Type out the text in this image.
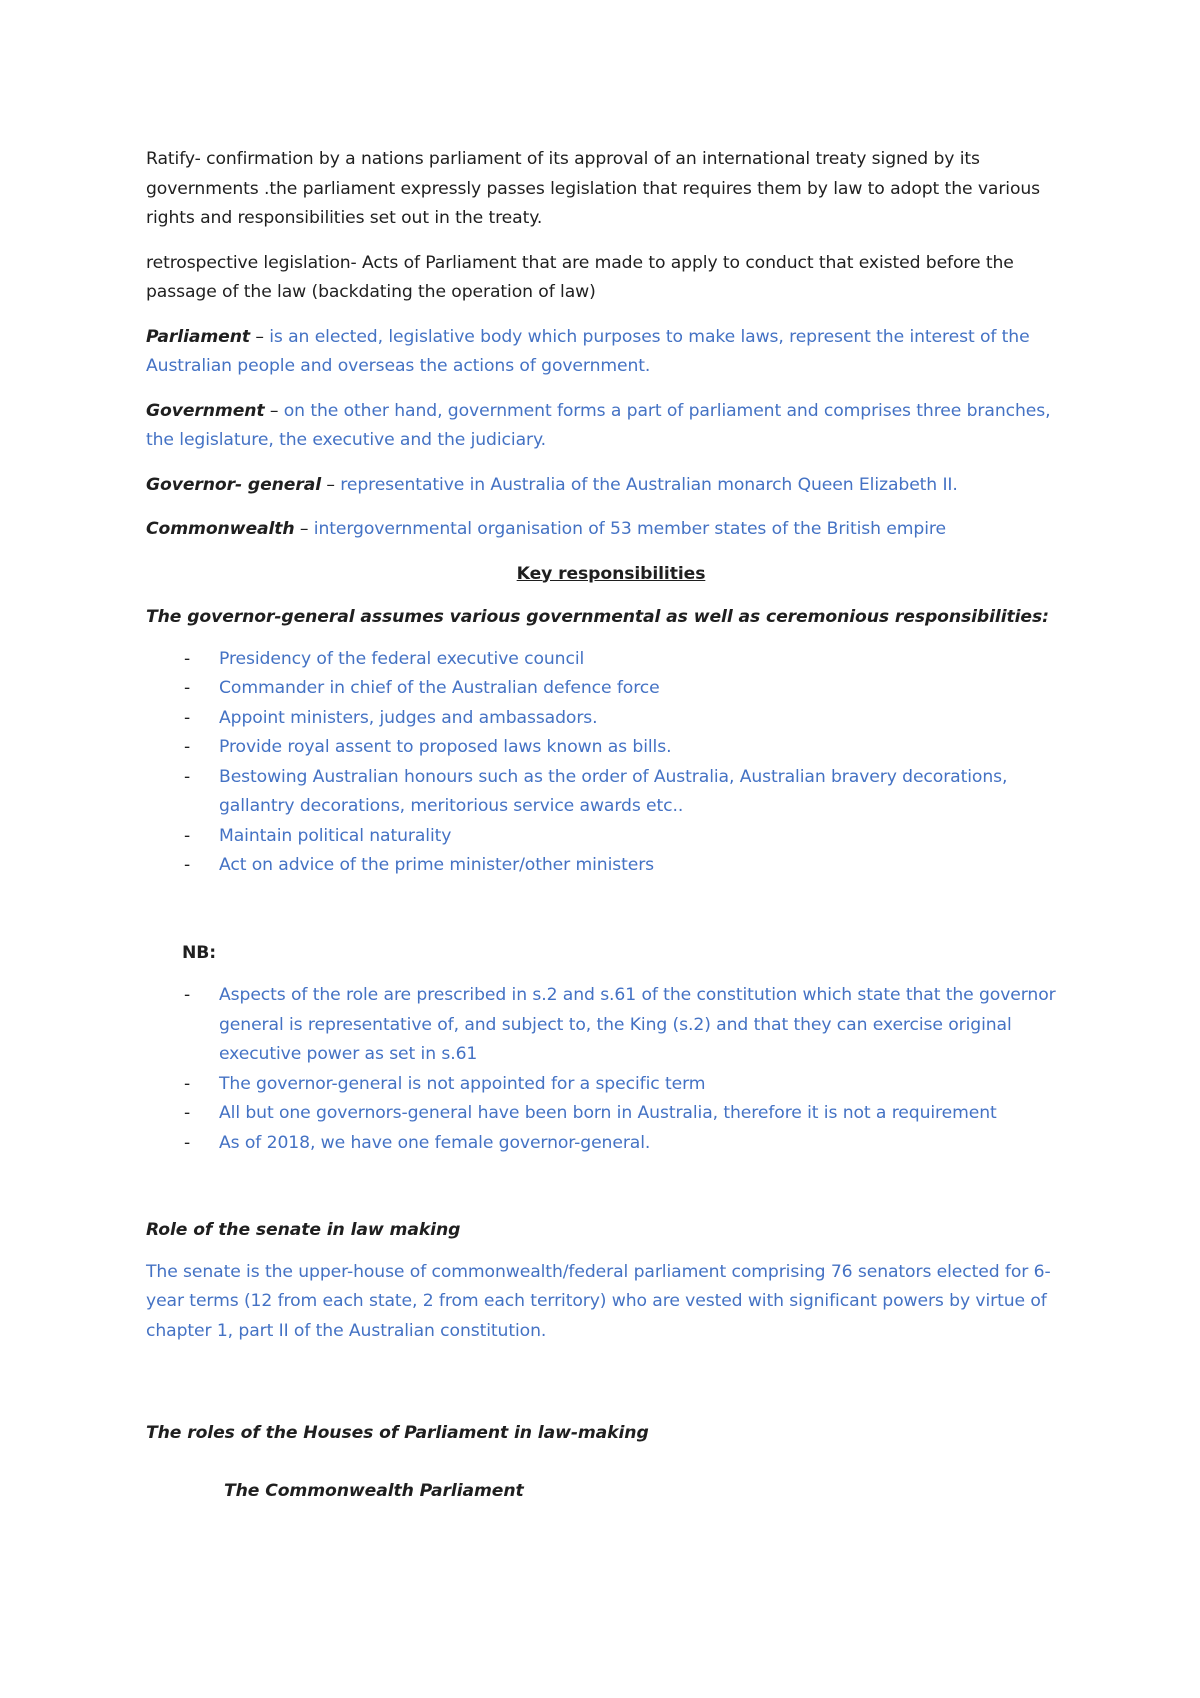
Ratify- confirmation by a nations parliament of its approval of an international treaty signed by its governments .the parliament expressly passes legislation that requires them by law to adopt the various rights and responsibilities set out in the treaty.

retrospective legislation- Acts of Parliament that are made to apply to conduct that existed before the passage of the law (backdating the operation of law)

Parliament – is an elected, legislative body which purposes to make laws, represent the interest of the Australian people and overseas the actions of government.

Government – on the other hand, government forms a part of parliament and comprises three branches, the legislature, the executive and the judiciary.

Governor- general – representative in Australia of the Australian monarch Queen Elizabeth II.

Commonwealth – intergovernmental organisation of 53 member states of the British empire

Key responsibilities

The governor-general assumes various governmental as well as ceremonious responsibilities:

- Presidency of the federal executive council
- Commander in chief of the Australian defence force
- Appoint ministers, judges and ambassadors.
- Provide royal assent to proposed laws known as bills.
- Bestowing Australian honours such as the order of Australia, Australian bravery decorations, gallantry decorations, meritorious service awards etc..
- Maintain political naturality
- Act on advice of the prime minister/other ministers

NB:

- Aspects of the role are prescribed in s.2 and s.61 of the constitution which state that the governor general is representative of, and subject to, the King (s.2) and that they can exercise original executive power as set in s.61
- The governor-general is not appointed for a specific term
- All but one governors-general have been born in Australia, therefore it is not a requirement
- As of 2018, we have one female governor-general.

Role of the senate in law making

The senate is the upper-house of commonwealth/federal parliament comprising 76 senators elected for 6-year terms (12 from each state, 2 from each territory) who are vested with significant powers by virtue of chapter 1, part II of the Australian constitution.

The roles of the Houses of Parliament in law-making

The Commonwealth Parliament
